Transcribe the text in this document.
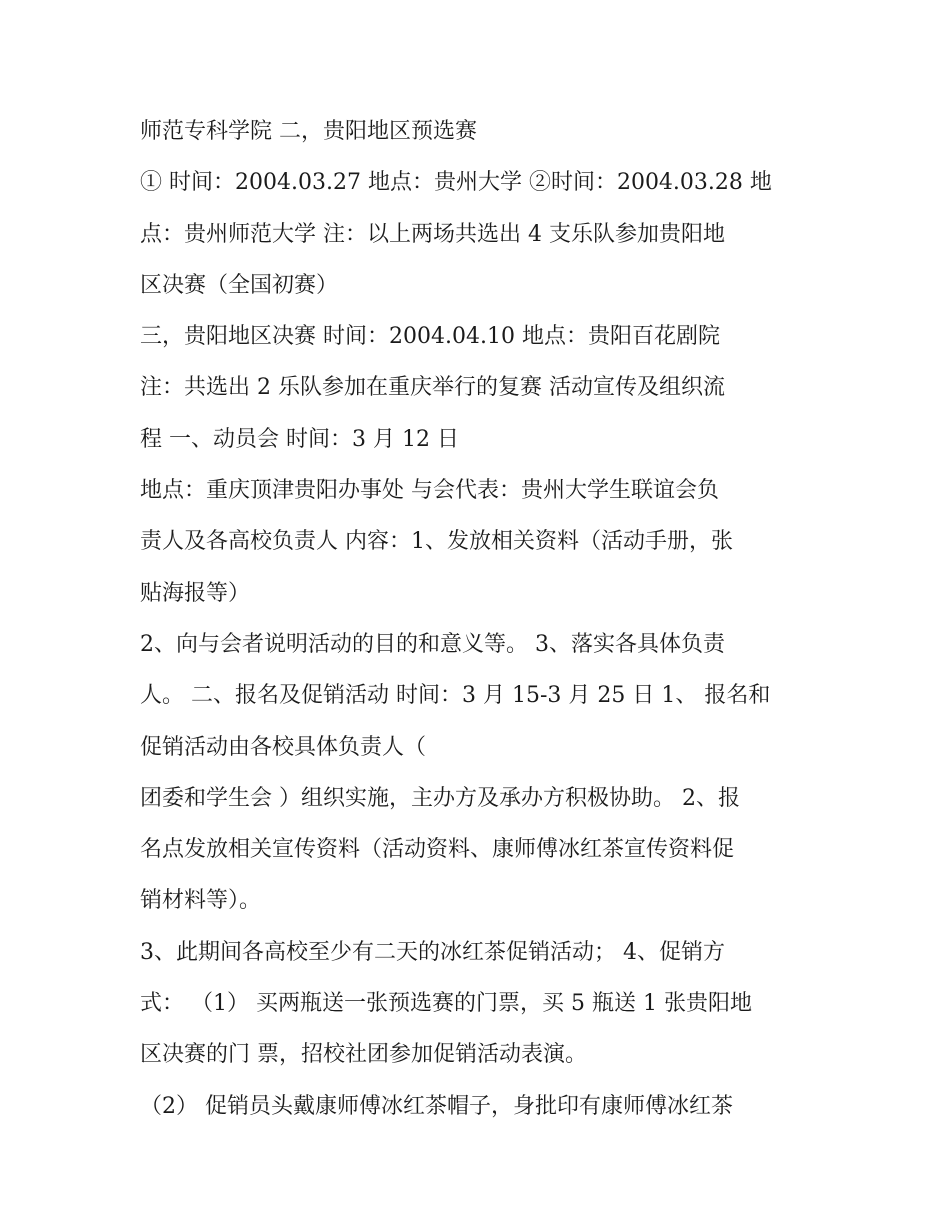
师范专科学院 二，贵阳地区预选赛
① 时间：2004.03.27 地点：贵州大学 ②时间：2004.03.28 地
点：贵州师范大学 注：以上两场共选出 4 支乐队参加贵阳地
区决赛（全国初赛）
三，贵阳地区决赛 时间：2004.04.10 地点：贵阳百花剧院
注：共选出 2 乐队参加在重庆举行的复赛 活动宣传及组织流
程 一、动员会 时间：3 月 12 日
地点：重庆顶津贵阳办事处 与会代表：贵州大学生联谊会负
责人及各高校负责人 内容：1、发放相关资料（活动手册，张
贴海报等）
2、向与会者说明活动的目的和意义等。 3、落实各具体负责
人。 二、报名及促销活动 时间：3 月 15-3 月 25 日 1、 报名和
促销活动由各校具体负责人（
团委和学生会 ）组织实施，主办方及承办方积极协助。 2、报
名点发放相关宣传资料（活动资料、康师傅冰红茶宣传资料促
销材料等）。
3、此期间各高校至少有二天的冰红茶促销活动； 4、促销方
式： （1） 买两瓶送一张预选赛的门票，买 5 瓶送 1 张贵阳地
区决赛的门 票，招校社团参加促销活动表演。
（2） 促销员头戴康师傅冰红茶帽子，身批印有康师傅冰红茶
